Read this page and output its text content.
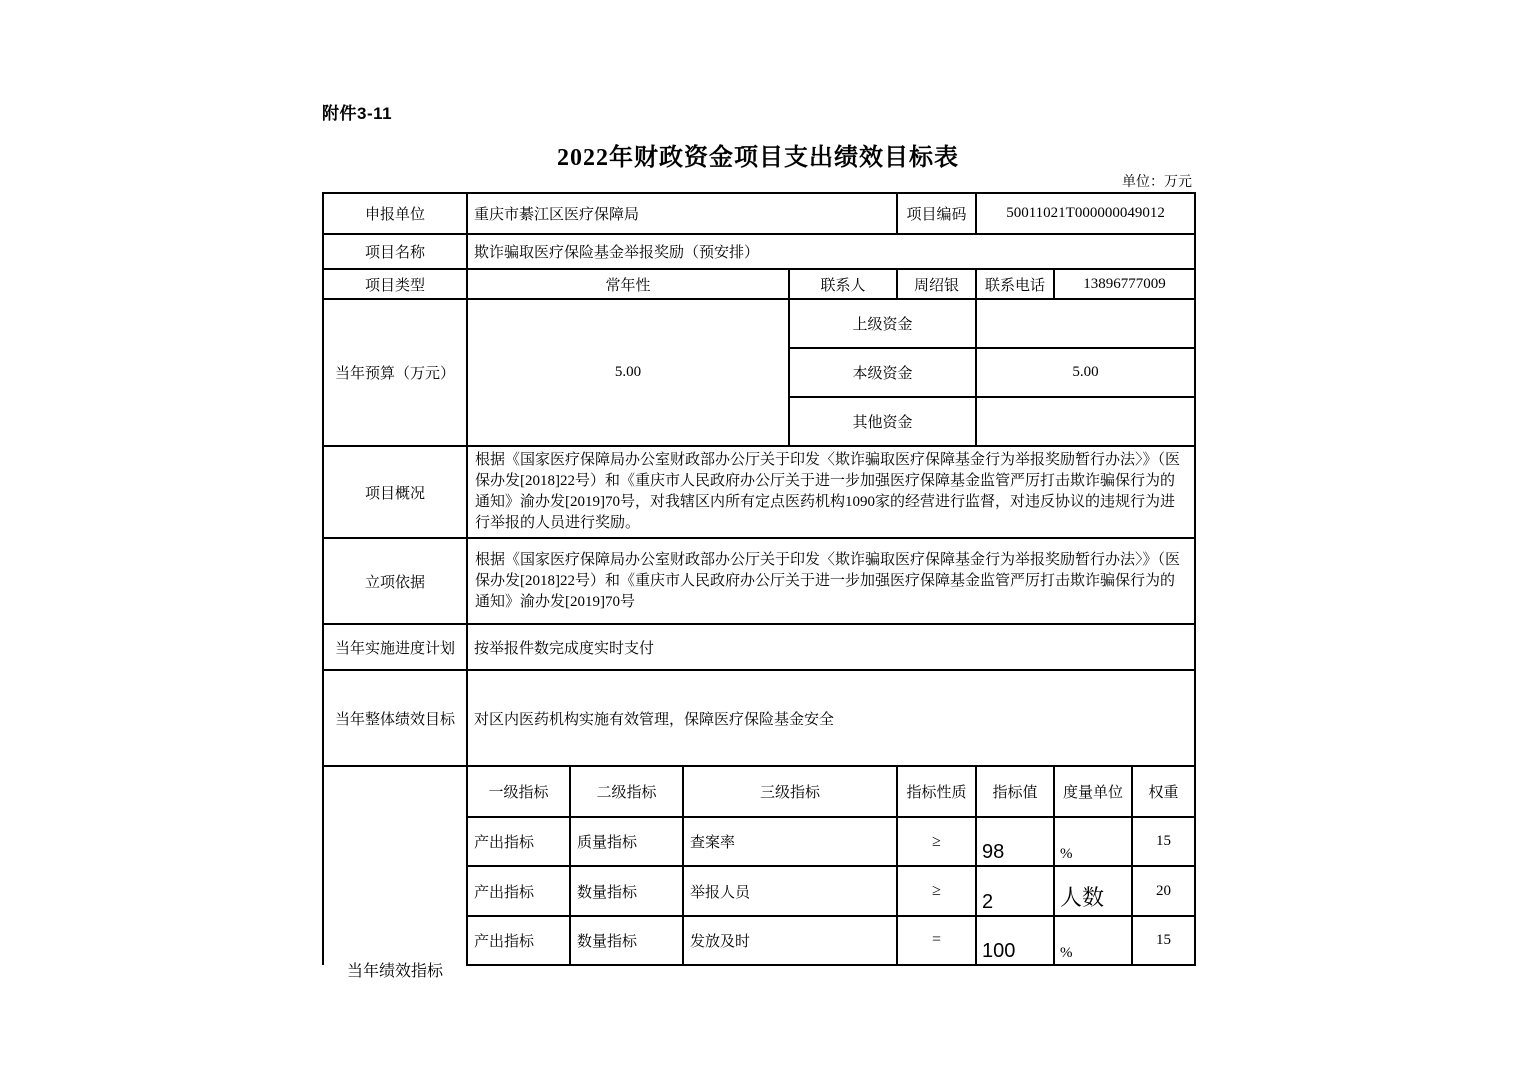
附件3-11
2022年财政资金项目支出绩效目标表
单位：万元
申报单位	重庆市綦江区医疗保障局				项目编码	50011021T000000049012		
项目名称	欺诈骗取医疗保险基金举报奖励（预安排）							
项目类型	常年性			联系人	周绍银	联系电话	13896777009	
当年预算（万元）	5.00			上级资金				
				本级资金		5.00		
				其他资金				
项目概况	根据《国家医疗保障局办公室财政部办公厅关于印发〈欺诈骗取医疗保障基金行为举报奖励暂行办法〉》（医保办发[2018]22号）和《重庆市人民政府办公厅关于进一步加强医疗保障基金监管严厉打击欺诈骗保行为的通知》渝办发[2019]70号，对我辖区内所有定点医药机构1090家的经营进行监督，对违反协议的违规行为进行举报的人员进行奖励。							
立项依据	根据《国家医疗保障局办公室财政部办公厅关于印发〈欺诈骗取医疗保障基金行为举报奖励暂行办法〉》（医保办发[2018]22号）和《重庆市人民政府办公厅关于进一步加强医疗保障基金监管严厉打击欺诈骗保行为的通知》渝办发[2019]70号							
当年实施进度计划	按举报件数完成度实时支付							
当年整体绩效目标	对区内医药机构实施有效管理，保障医疗保险基金安全							

当年绩效指标	一级指标	二级指标	三级指标		指标性质	指标值	度量单位	权重
	产出指标	质量指标	查案率		≥	98	%	15
	产出指标	数量指标	举报人员		≥	2	人数	20
	产出指标	数量指标	发放及时		=	100	%	15
